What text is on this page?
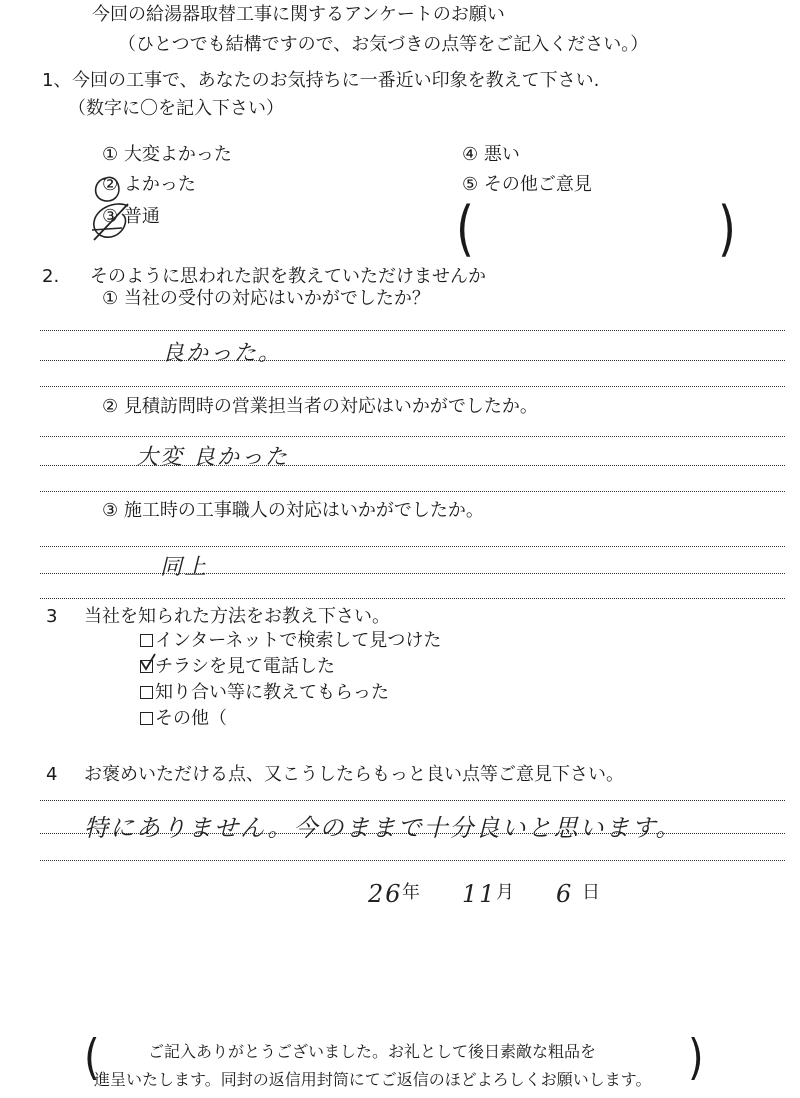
今回の給湯器取替工事に関するアンケートのお願い
（ひとつでも結構ですので、お気づきの点等をご記入ください。）
1、 今回の工事で、あなたのお気持ちに一番近い印象を教えて下さい.
（数字に〇を記入下さい）
① 大変よかった
② よかった
③ 普通
④ 悪い
⑤ その他ご意見
(	)
2. そのように思われた訳を教えていただけませんか
① 当社の受付の対応はいかがでしたか？
良かった。
② 見積訪問時の営業担当者の対応はいかがでしたか。
大変 良かった
③ 施工時の工事職人の対応はいかがでしたか。
同上
3 当社を知られた方法をお教え下さい。
インターネットで検索して見つけた
チラシを見て電話した
知り合い等に教えてもらった
その他（
4 お褒めいただける点、又こうしたらもっと良い点等ご意見下さい。
特にありません。今のままで十分良いと思います。
26 年 11 月 6 日
(	ご記入ありがとうございました。お礼として後日素敵な粗品を
進呈いたします。同封の返信用封筒にてご返信のほどよろしくお願いします。 )
